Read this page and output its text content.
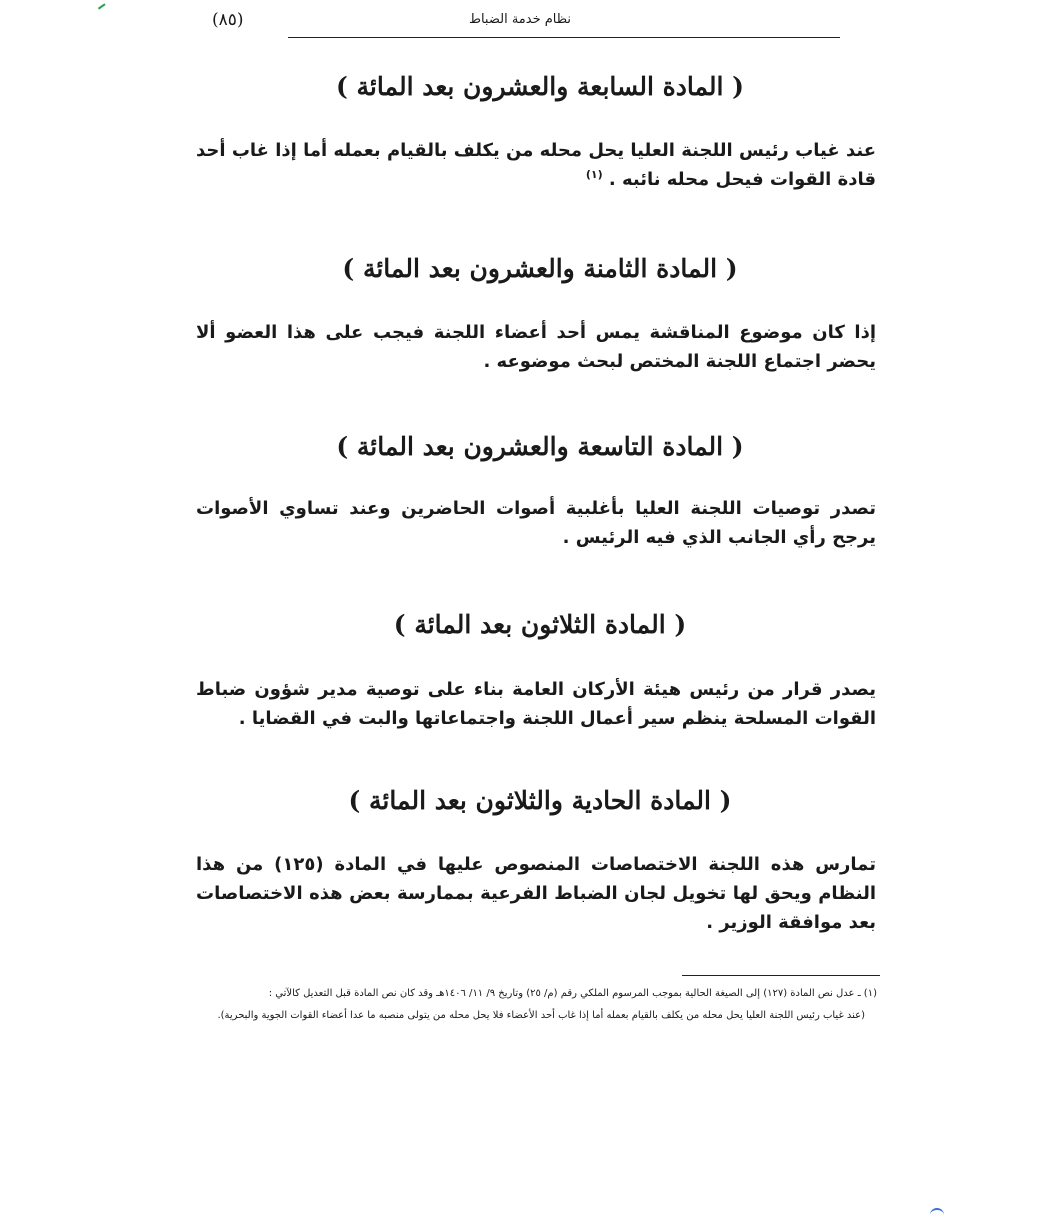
(٨٥)	نظام خدمة الضباط
( المادة السابعة والعشرون بعد المائة )
عند غياب رئيس اللجنة العليا يحل محله من يكلف بالقيام بعمله أما إذا غاب أحد قادة القوات فيحل محله نائبه . $^{(١)}$
( المادة الثامنة والعشرون بعد المائة )
إذا كان موضوع المناقشة يمس أحد أعضاء اللجنة فيجب على هذا العضو ألا يحضر اجتماع اللجنة المختص لبحث موضوعه .
( المادة التاسعة والعشرون بعد المائة )
تصدر توصيات اللجنة العليا بأغلبية أصوات الحاضرين وعند تساوي الأصوات يرجح رأي الجانب الذي فيه الرئيس .
( المادة الثلاثون بعد المائة )
يصدر قرار من رئيس هيئة الأركان العامة بناء على توصية مدير شؤون ضباط القوات المسلحة ينظم سير أعمال اللجنة واجتماعاتها والبت في القضايا .
( المادة الحادية والثلاثون بعد المائة )
تمارس هذه اللجنة الاختصاصات المنصوص عليها في المادة (١٢٥) من هذا النظام ويحق لها تخويل لجان الضباط الفرعية بممارسة بعض هذه الاختصاصات بعد موافقة الوزير .

(١) ـ عدل نص المادة (١٢٧) إلى الصيغة الحالية بموجب المرسوم الملكي رقم (م/ ٢٥) وتاريخ ٩/ ١١/ ١٤٠٦هـ وقد كان نص المادة قبل التعديل كالآتي :

(عند غياب رئيس اللجنة العليا يحل محله من يكلف بالقيام بعمله أما إذا غاب أحد الأعضاء فلا يحل محله من يتولى منصبه ما عدا أعضاء القوات الجوية والبحرية).
